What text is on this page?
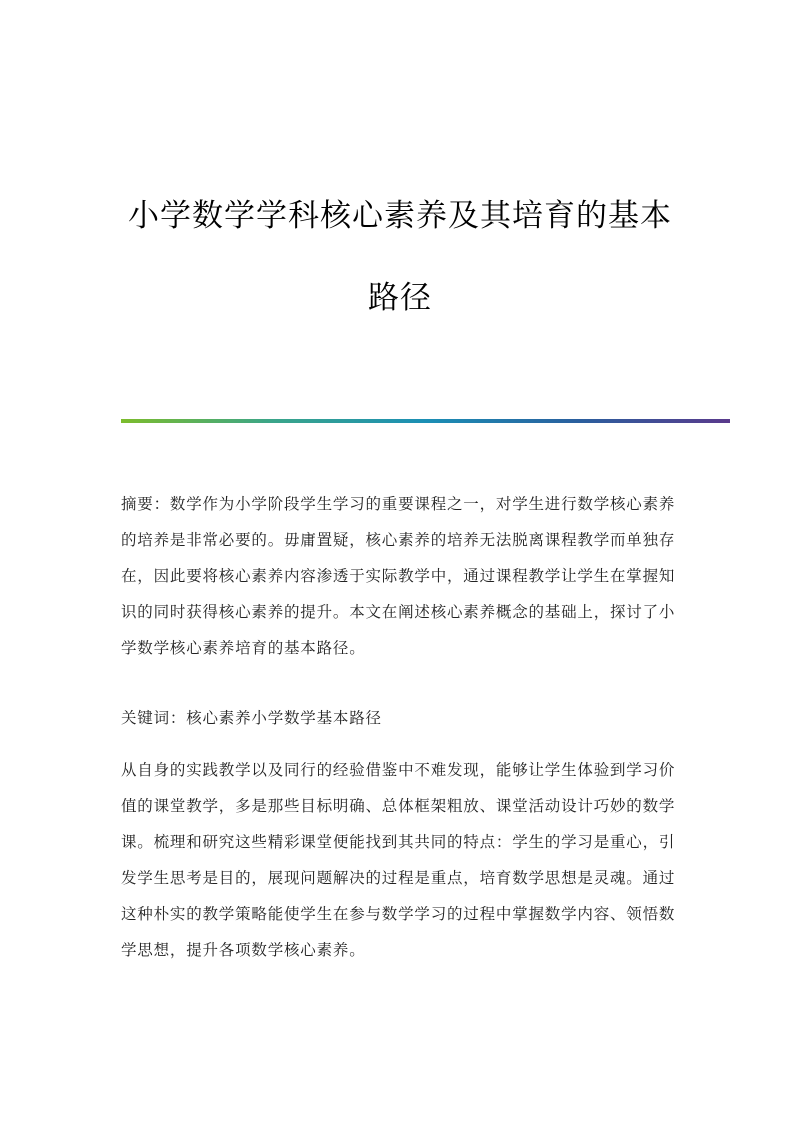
小学数学学科核心素养及其培育的基本
路径
摘要：数学作为小学阶段学生学习的重要课程之一，对学生进行数学核心素养
的培养是非常必要的。毋庸置疑，核心素养的培养无法脱离课程教学而单独存
在，因此要将核心素养内容渗透于实际教学中，通过课程教学让学生在掌握知
识的同时获得核心素养的提升。本文在阐述核心素养概念的基础上，探讨了小
学数学核心素养培育的基本路径。
关键词：核心素养小学数学基本路径
从自身的实践教学以及同行的经验借鉴中不难发现，能够让学生体验到学习价
值的课堂教学，多是那些目标明确、总体框架粗放、课堂活动设计巧妙的数学
课。梳理和研究这些精彩课堂便能找到其共同的特点：学生的学习是重心，引
发学生思考是目的，展现问题解决的过程是重点，培育数学思想是灵魂。通过
这种朴实的教学策略能使学生在参与数学学习的过程中掌握数学内容、领悟数
学思想，提升各项数学核心素养。
